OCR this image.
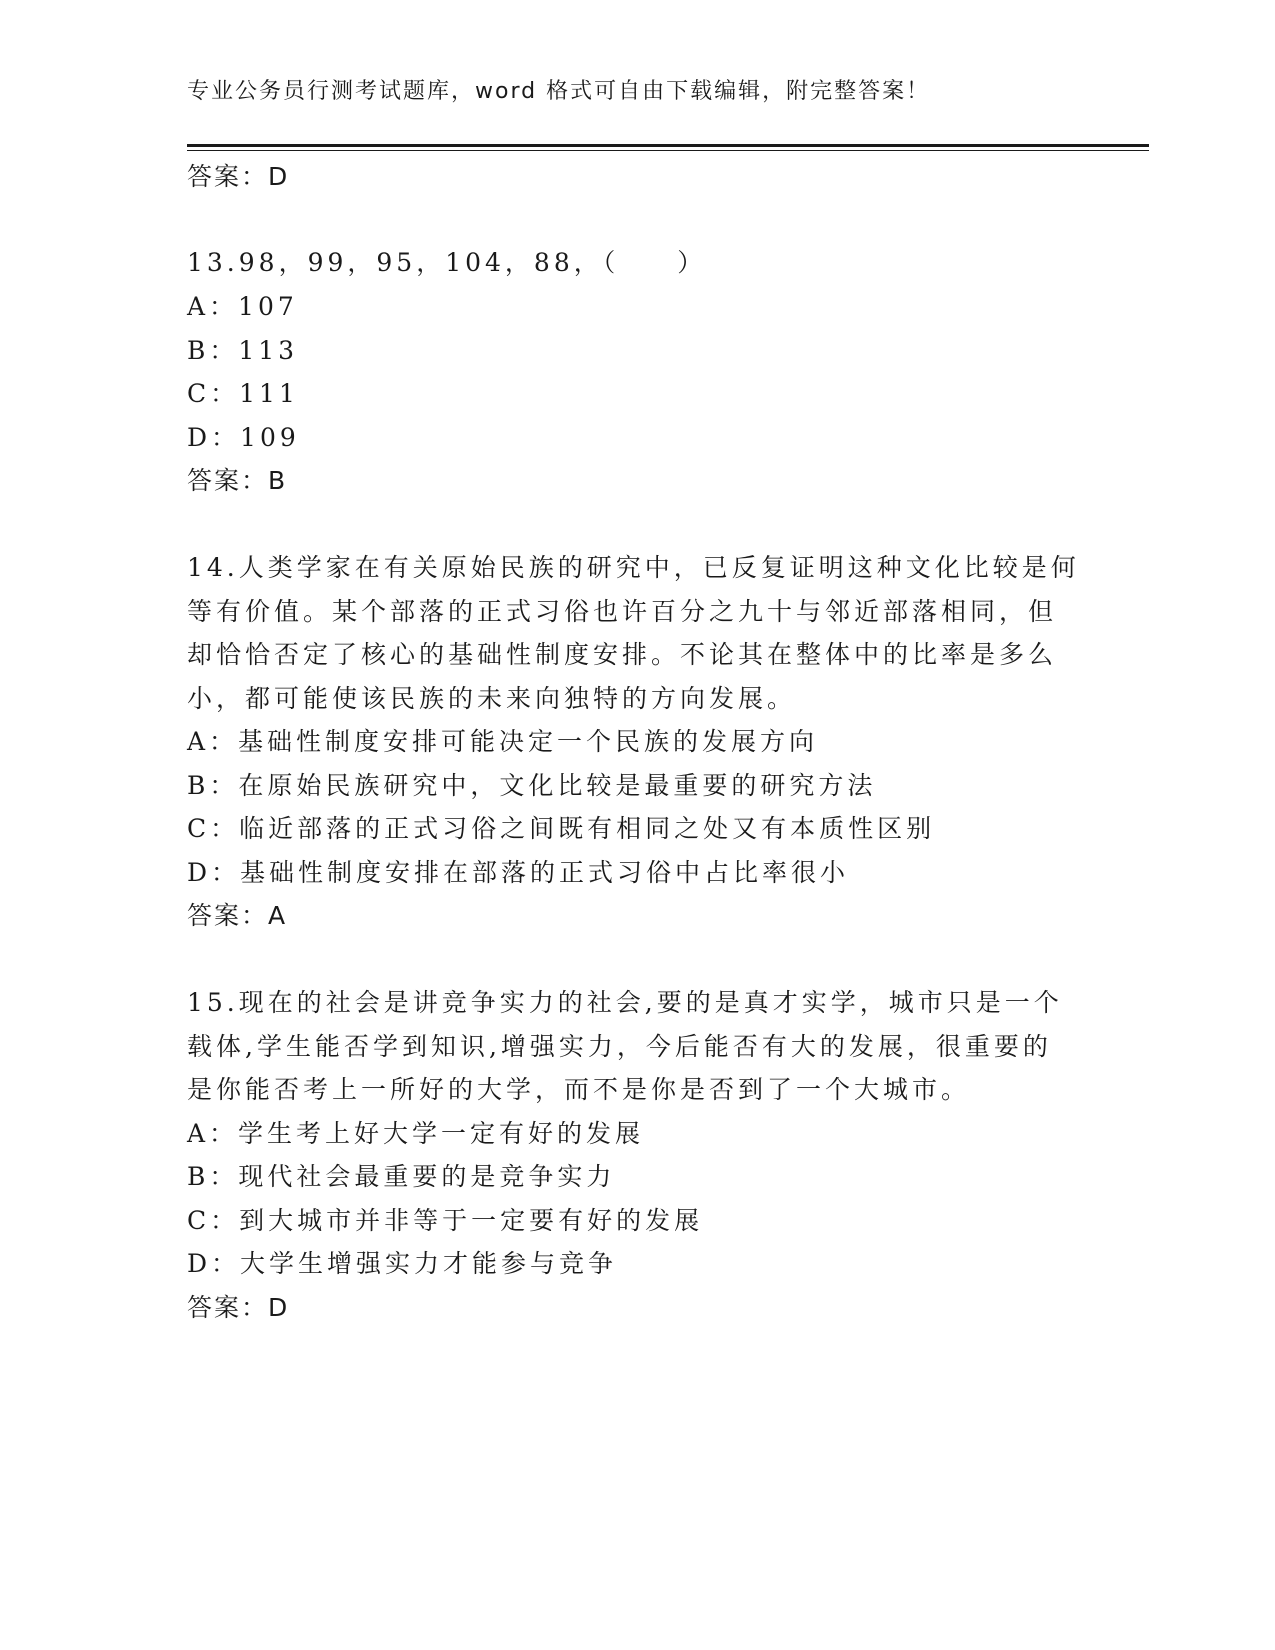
专业公务员行测考试题库，word 格式可自由下载编辑，附完整答案！
答案：D
13.98，99，95，104，88，（　　）
A：107
B：113
C：111
D：109
答案：B
14.人类学家在有关原始民族的研究中，已反复证明这种文化比较是何
等有价值。某个部落的正式习俗也许百分之九十与邻近部落相同，但
却恰恰否定了核心的基础性制度安排。不论其在整体中的比率是多么
小，都可能使该民族的未来向独特的方向发展。
A：基础性制度安排可能决定一个民族的发展方向
B：在原始民族研究中，文化比较是最重要的研究方法
C：临近部落的正式习俗之间既有相同之处又有本质性区别
D：基础性制度安排在部落的正式习俗中占比率很小
答案：A
15.现在的社会是讲竞争实力的社会,要的是真才实学，城市只是一个
载体,学生能否学到知识,增强实力，今后能否有大的发展，很重要的
是你能否考上一所好的大学，而不是你是否到了一个大城市。
A：学生考上好大学一定有好的发展
B：现代社会最重要的是竞争实力
C：到大城市并非等于一定要有好的发展
D：大学生增强实力才能参与竞争
答案：D
